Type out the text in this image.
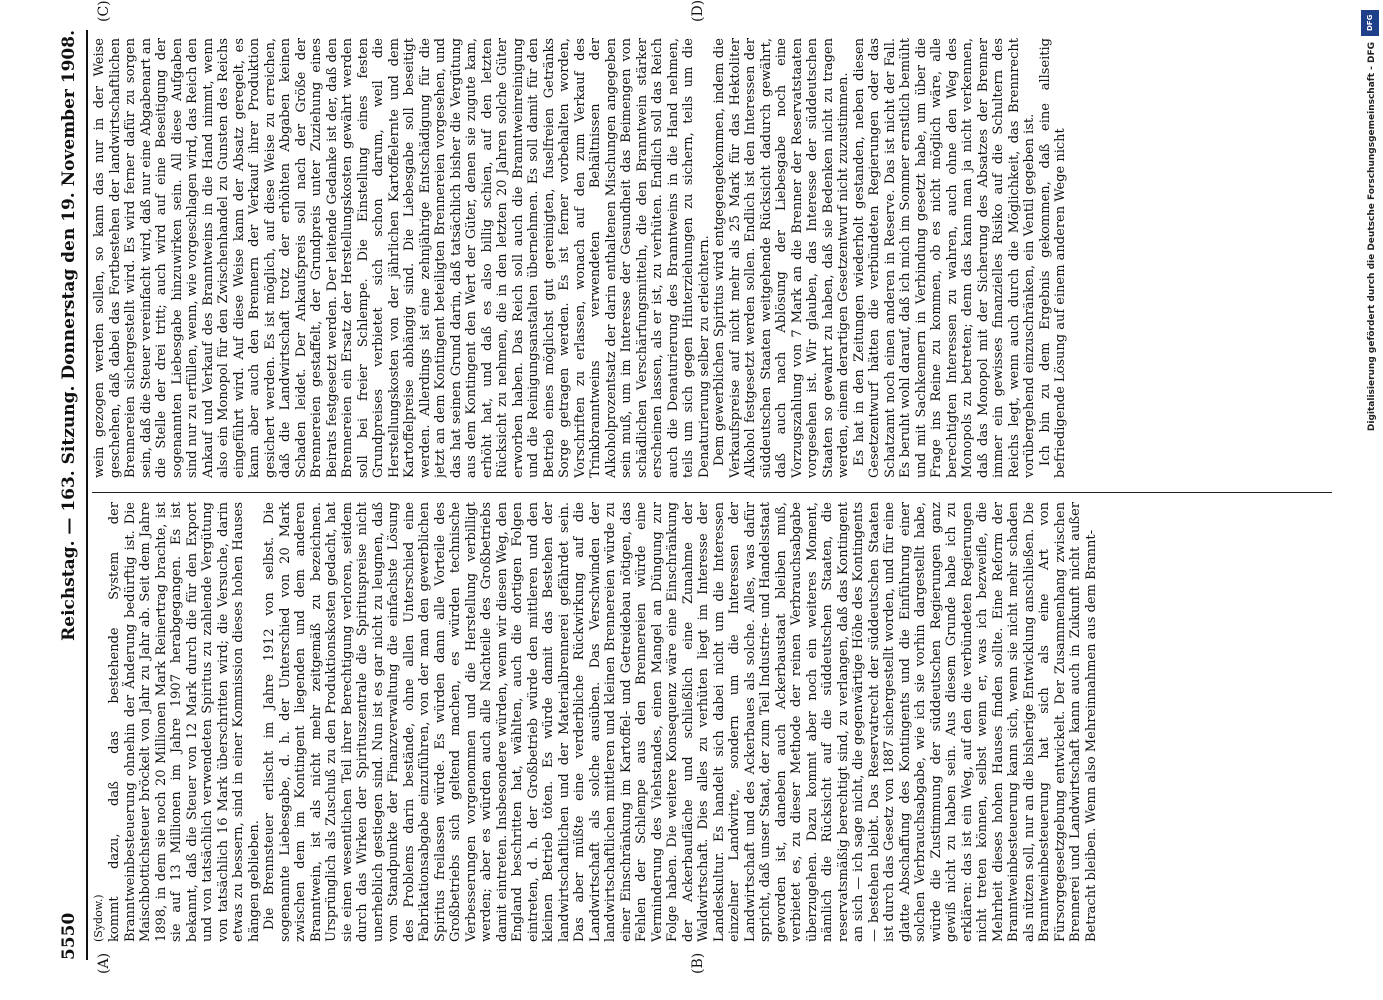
5550
Reichstag. — 163. Sitzung. Donnerstag den 19. November 1908.
(A)	(B)
(C)	(D)
(Sydow.) kommt dazu, daß das bestehende System der Branntweinbesteuerung ohnehin der Änderung bedürftig ist. Die Maischbottichsteuer bröckelt von Jahr zu Jahr ab. Seit dem Jahre 1898, in dem sie noch 20 Millionen Mark Reinertrag brachte, ist sie auf 13 Millionen im Jahre 1907 herabgegangen. Es ist bekannt, daß die Steuer von 12 Mark durch die für den Export und von tatsächlich verwendeten Spiritus zu zahlende Vergütung von tatsächlich 16 Mark überschritten wird; die Versuche, darin etwas zu bessern, sind in einer Kommission dieses hohen Hauses hängen geblieben. Die Brennsteuer erlischt im Jahre 1912 von selbst. Die sogenannte Liebesgabe, d. h. der Unterschied von 20 Mark zwischen dem im Kontingent liegenden und dem anderen Branntwein, ist als nicht mehr zeitgemäß zu bezeichnen. Ursprünglich als Zuschuß zu den Produktionskosten gedacht, hat sie einen wesentlichen Teil ihrer Berechtigung verloren, seitdem durch das Wirken der Spirituszentrale die Spirituspreise nicht unerheblich gestiegen sind. Nun ist es gar nicht zu leugnen, daß vom Standpunkte der Finanzverwaltung die einfachste Lösung des Problems darin bestände, ohne allen Unterschied eine Fabrikationsabgabe einzuführen, von der man den gewerblichen Spiritus freilassen würde. Es würden dann alle Vorteile des Großbetriebs sich geltend machen, es würden technische Verbesserungen vorgenommen und die Herstellung verbilligt werden; aber es würden auch alle Nachteile des Großbetriebs damit eintreten. Insbesondere würden, wenn wir diesen Weg, den England beschritten hat, wählten, auch die dortigen Folgen eintreten, d. h. der Großbetrieb würde den mittleren und den kleinen Betrieb töten. Es würde damit das Bestehen der landwirtschaftlichen und der Materialbrennerei gefährdet sein. Das aber müßte eine verderbliche Rückwirkung auf die Landwirtschaft als solche ausüben. Das Verschwinden der landwirtschaftlichen mittleren und kleinen Brennereien würde zu einer Einschränkung im Kartoffel- und Getreidebau nötigen, das Fehlen der Schlempe aus den Brennereien würde eine Verminderung des Viehstandes, einen Mangel an Düngung zur Folge haben. Die weitere Konsequenz wäre eine Einschränkung der Ackerbaufläche und schließlich eine Zunahme der Waldwirtschaft. Dies alles zu verhüten liegt im Interesse der Landeskultur. Es handelt sich dabei nicht um die Interessen einzelner Landwirte, sondern um die Interessen der Landwirtschaft und des Ackerbaues als solche. Alles, was dafür spricht, daß unser Staat, der zum Teil Industrie- und Handelsstaat geworden ist, daneben auch Ackerbaustaat bleiben muß, verbietet es, zu dieser Methode der reinen Verbrauchsabgabe überzugehen. Dazu kommt aber noch ein weiteres Moment, nämlich die Rücksicht auf die süddeutschen Staaten, die reservatsmäßig berechtigt sind, zu verlangen, daß das Kontingent an sich — ich sage nicht, die gegenwärtige Höhe des Kontingents — bestehen bleibt. Das Reservatrecht der süddeutschen Staaten ist durch das Gesetz von 1887 sichergestellt worden, und für eine glatte Abschaffung des Kontingents und die Einführung einer solchen Verbrauchsabgabe, wie ich sie vorhin dargestellt habe, würde die Zustimmung der süddeutschen Regierungen ganz gewiß nicht zu haben sein. Aus diesem Grunde habe ich zu erklären: das ist ein Weg, auf den die verbündeten Regierungen nicht treten können, selbst wenn er, was ich bezweifle, die Mehrheit dieses hohen Hauses finden sollte. Eine Reform der Branntweinbesteuerung kann sich, wenn sie nicht mehr schaden als nützen soll, nur an die bisherige Entwicklung anschließen. Die Branntweinbesteuerung hat sich als eine Art von Fürsorgegesetzgebung entwickelt. Der Zusammenhang zwischen Brennerei und Landwirtschaft kann auch in Zukunft nicht außer Betracht bleiben. Wenn also Mehreinnahmen aus dem Brannt-

wein gezogen werden sollen, so kann das nur in der Weise geschehen, daß dabei das Fortbestehen der landwirtschaftlichen Brennereien sichergestellt wird. Es wird ferner dafür zu sorgen sein, daß die Steuer vereinfacht wird, daß nur eine Abgabenart an die Stelle der drei tritt; auch wird auf eine Beseitigung der sogenannten Liebesgabe hinzuwirken sein. All diese Aufgaben sind nur zu erfüllen, wenn, wie vorgeschlagen wird, das Reich den Ankauf und Verkauf des Branntweins in die Hand nimmt, wenn also ein Monopol für den Zwischenhandel zu Gunsten des Reichs eingeführt wird. Auf diese Weise kann der Absatz geregelt, es kann aber auch den Brennern der Verkauf ihrer Produktion gesichert werden. Es ist möglich, auf diese Weise zu erreichen, daß die Landwirtschaft trotz der erhöhten Abgaben keinen Schaden leidet. Der Ankaufspreis soll nach der Größe der Brennereien gestaffelt, der Grundpreis unter Zuziehung eines Beirats festgesetzt werden. Der leitende Gedanke ist der, daß den Brennereien ein Ersatz der Herstellungskosten gewährt werden soll bei freier Schlempe. Die Einstellung eines festen Grundpreises verbietet sich schon darum, weil die Herstellungskosten von der jährlichen Kartoffelernte und dem Kartoffelpreise abhängig sind. Die Liebesgabe soll beseitigt werden. Allerdings ist eine zehnjährige Entschädigung für die jetzt an dem Kontingent beteiligten Brennereien vorgesehen, und das hat seinen Grund darin, daß tatsächlich bisher die Vergütung aus dem Kontingent den Wert der Güter, denen sie zugute kam, erhöht hat, und daß es also billig schien, auf den letzten Rücksicht zu nehmen, die in den letzten 20 Jahren solche Güter erworben haben. Das Reich soll auch die Branntweinreinigung und die Reinigungsanstalten übernehmen. Es soll damit für den Betrieb eines möglichst gut gereinigten, fuselfreien Getränks Sorge getragen werden. Es ist ferner vorbehalten worden, Vorschriften zu erlassen, wonach auf den zum Verkauf des Trinkbranntweins verwendeten Behältnissen der Alkoholprozentsatz der darin enthaltenen Mischungen angegeben sein muß, um im Interesse der Gesundheit das Beimengen von schädlichen Verschärfungsmitteln, die den Branntwein stärker erscheinen lassen, als er ist, zu verhüten. Endlich soll das Reich auch die Denaturierung des Branntweins in die Hand nehmen, teils um sich gegen Hinterziehungen zu sichern, teils um die Denaturierung selber zu erleichtern. Dem gewerblichen Spiritus wird entgegengekommen, indem die Verkaufspreise auf nicht mehr als 25 Mark für das Hektoliter Alkohol festgesetzt werden sollen. Endlich ist den Interessen der süddeutschen Staaten weitgehende Rücksicht dadurch gewährt, daß auch nach Ablösung der Liebesgabe noch eine Vorzugszahlung von 7 Mark an die Brenner der Reservatstaaten vorgesehen ist. Wir glauben, das Interesse der süddeutschen Staaten so gewahrt zu haben, daß sie Bedenken nicht zu tragen werden, einem derartigen Gesetzentwurf nicht zuzustimmen. Es hat in den Zeitungen wiederholt gestanden, neben diesen Gesetzentwurf hätten die verbündeten Regierungen oder das Schatzamt noch einen anderen in Reserve. Das ist nicht der Fall. Es beruht wohl darauf, daß ich mich im Sommer ernstlich bemüht und mit Sachkennern in Verbindung gesetzt habe, um über die Frage ins Reine zu kommen, ob es nicht möglich wäre, alle berechtigten Interessen zu wahren, auch ohne den Weg des Monopols zu betreten; denn das kann man ja nicht verkennen, daß das Monopol mit der Sicherung des Absatzes der Brenner immer ein gewisses finanzielles Risiko auf die Schultern des Reichs legt, wenn auch durch die Möglichkeit, das Brennrecht vorübergehend einzuschränken, ein Ventil gegeben ist. Ich bin zu dem Ergebnis gekommen, daß eine allseitig befriedigende Lösung auf einem anderen Wege nicht

DFG
Digitalisierung gefördert durch die Deutsche Forschungsgemeinschaft - DFG
